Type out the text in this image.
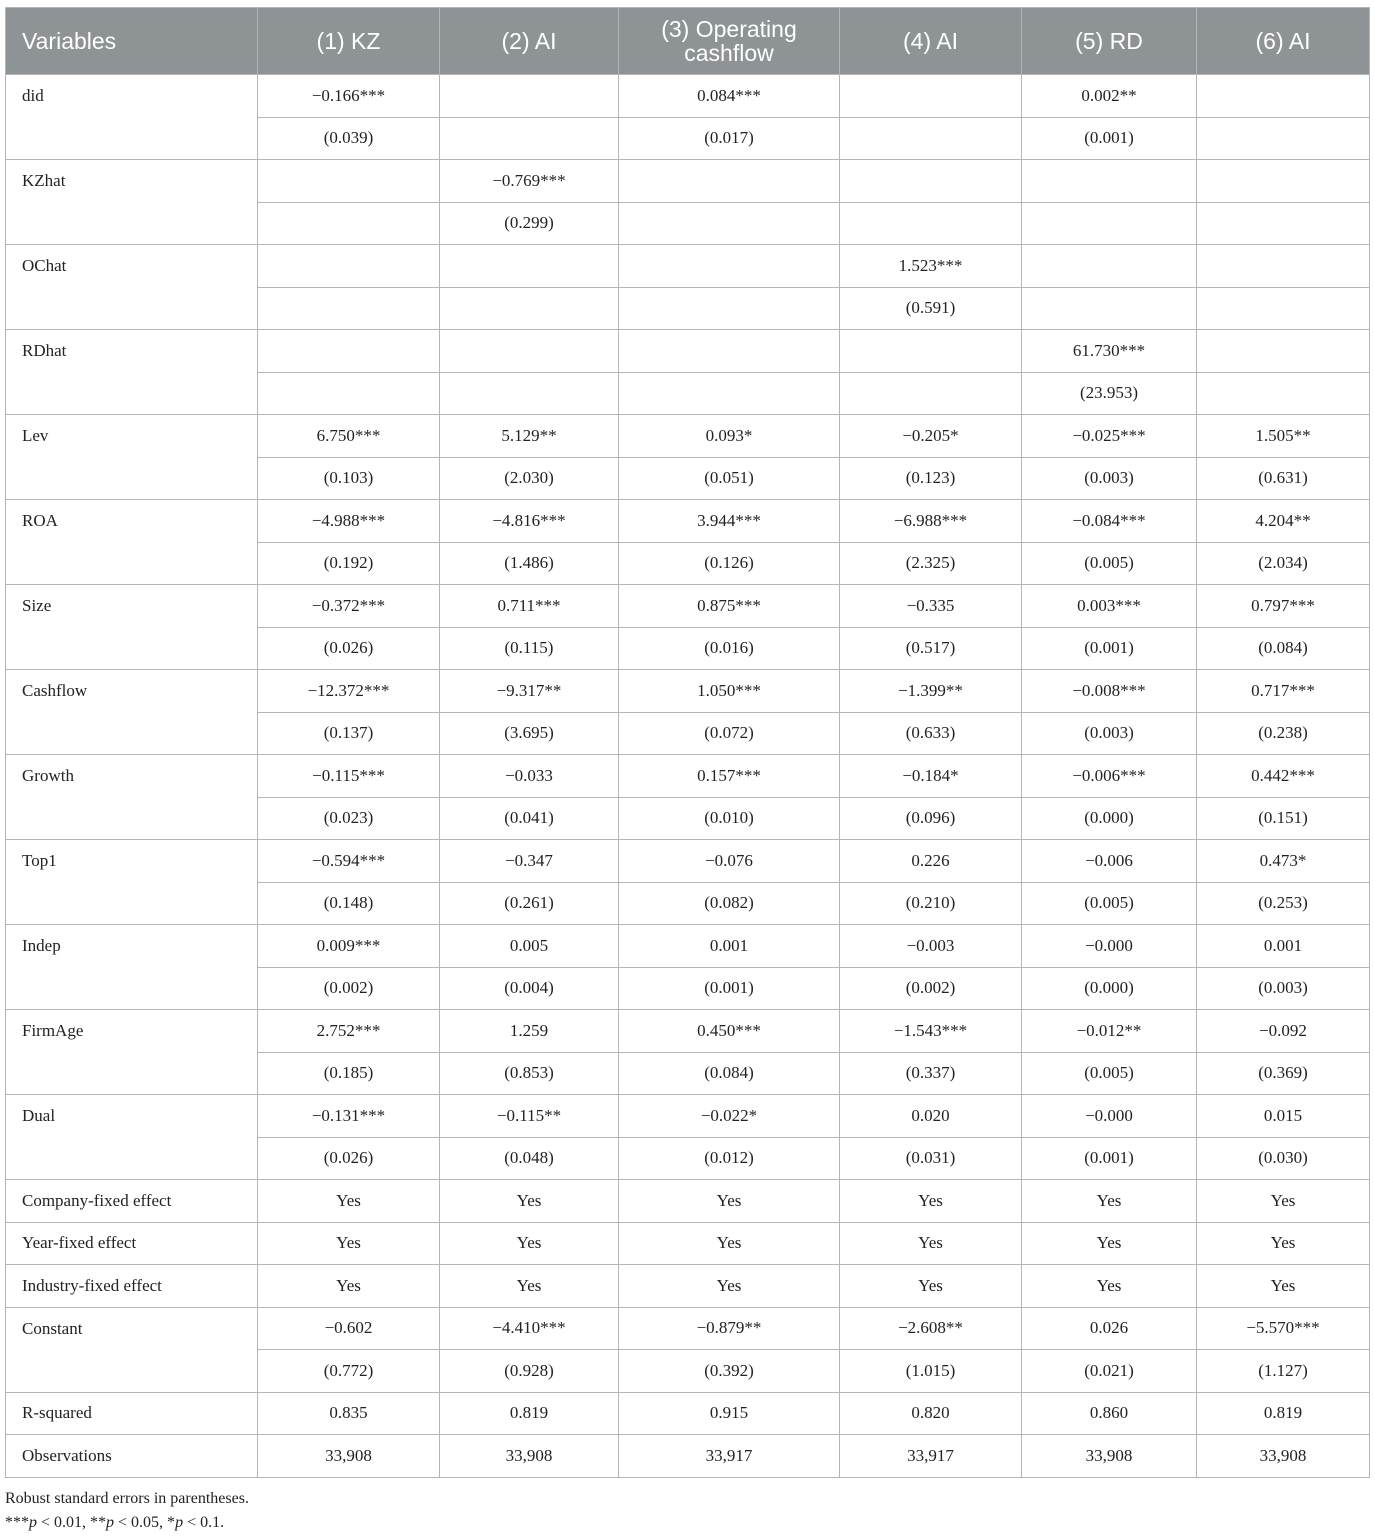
Variables	(1) KZ	(2) AI	(3) Operating cashflow	(4) AI	(5) RD	(6) AI
did	−0.166***		0.084***		0.002**	
	(0.039)		(0.017)		(0.001)	
KZhat		−0.769***				
		(0.299)				
OChat				1.523***		
				(0.591)		
RDhat					61.730***	
					(23.953)	
Lev	6.750***	5.129**	0.093*	−0.205*	−0.025***	1.505**
	(0.103)	(2.030)	(0.051)	(0.123)	(0.003)	(0.631)
ROA	−4.988***	−4.816***	3.944***	−6.988***	−0.084***	4.204**
	(0.192)	(1.486)	(0.126)	(2.325)	(0.005)	(2.034)
Size	−0.372***	0.711***	0.875***	−0.335	0.003***	0.797***
	(0.026)	(0.115)	(0.016)	(0.517)	(0.001)	(0.084)
Cashflow	−12.372***	−9.317**	1.050***	−1.399**	−0.008***	0.717***
	(0.137)	(3.695)	(0.072)	(0.633)	(0.003)	(0.238)
Growth	−0.115***	−0.033	0.157***	−0.184*	−0.006***	0.442***
	(0.023)	(0.041)	(0.010)	(0.096)	(0.000)	(0.151)
Top1	−0.594***	−0.347	−0.076	0.226	−0.006	0.473*
	(0.148)	(0.261)	(0.082)	(0.210)	(0.005)	(0.253)
Indep	0.009***	0.005	0.001	−0.003	−0.000	0.001
	(0.002)	(0.004)	(0.001)	(0.002)	(0.000)	(0.003)
FirmAge	2.752***	1.259	0.450***	−1.543***	−0.012**	−0.092
	(0.185)	(0.853)	(0.084)	(0.337)	(0.005)	(0.369)
Dual	−0.131***	−0.115**	−0.022*	0.020	−0.000	0.015
	(0.026)	(0.048)	(0.012)	(0.031)	(0.001)	(0.030)
Company-fixed effect	Yes	Yes	Yes	Yes	Yes	Yes
Year-fixed effect	Yes	Yes	Yes	Yes	Yes	Yes
Industry-fixed effect	Yes	Yes	Yes	Yes	Yes	Yes
Constant	−0.602	−4.410***	−0.879**	−2.608**	0.026	−5.570***
	(0.772)	(0.928)	(0.392)	(1.015)	(0.021)	(1.127)
R-squared	0.835	0.819	0.915	0.820	0.860	0.819
Observations	33,908	33,908	33,917	33,917	33,908	33,908
Robust standard errors in parentheses.
***p < 0.01, **p < 0.05, *p < 0.1.
